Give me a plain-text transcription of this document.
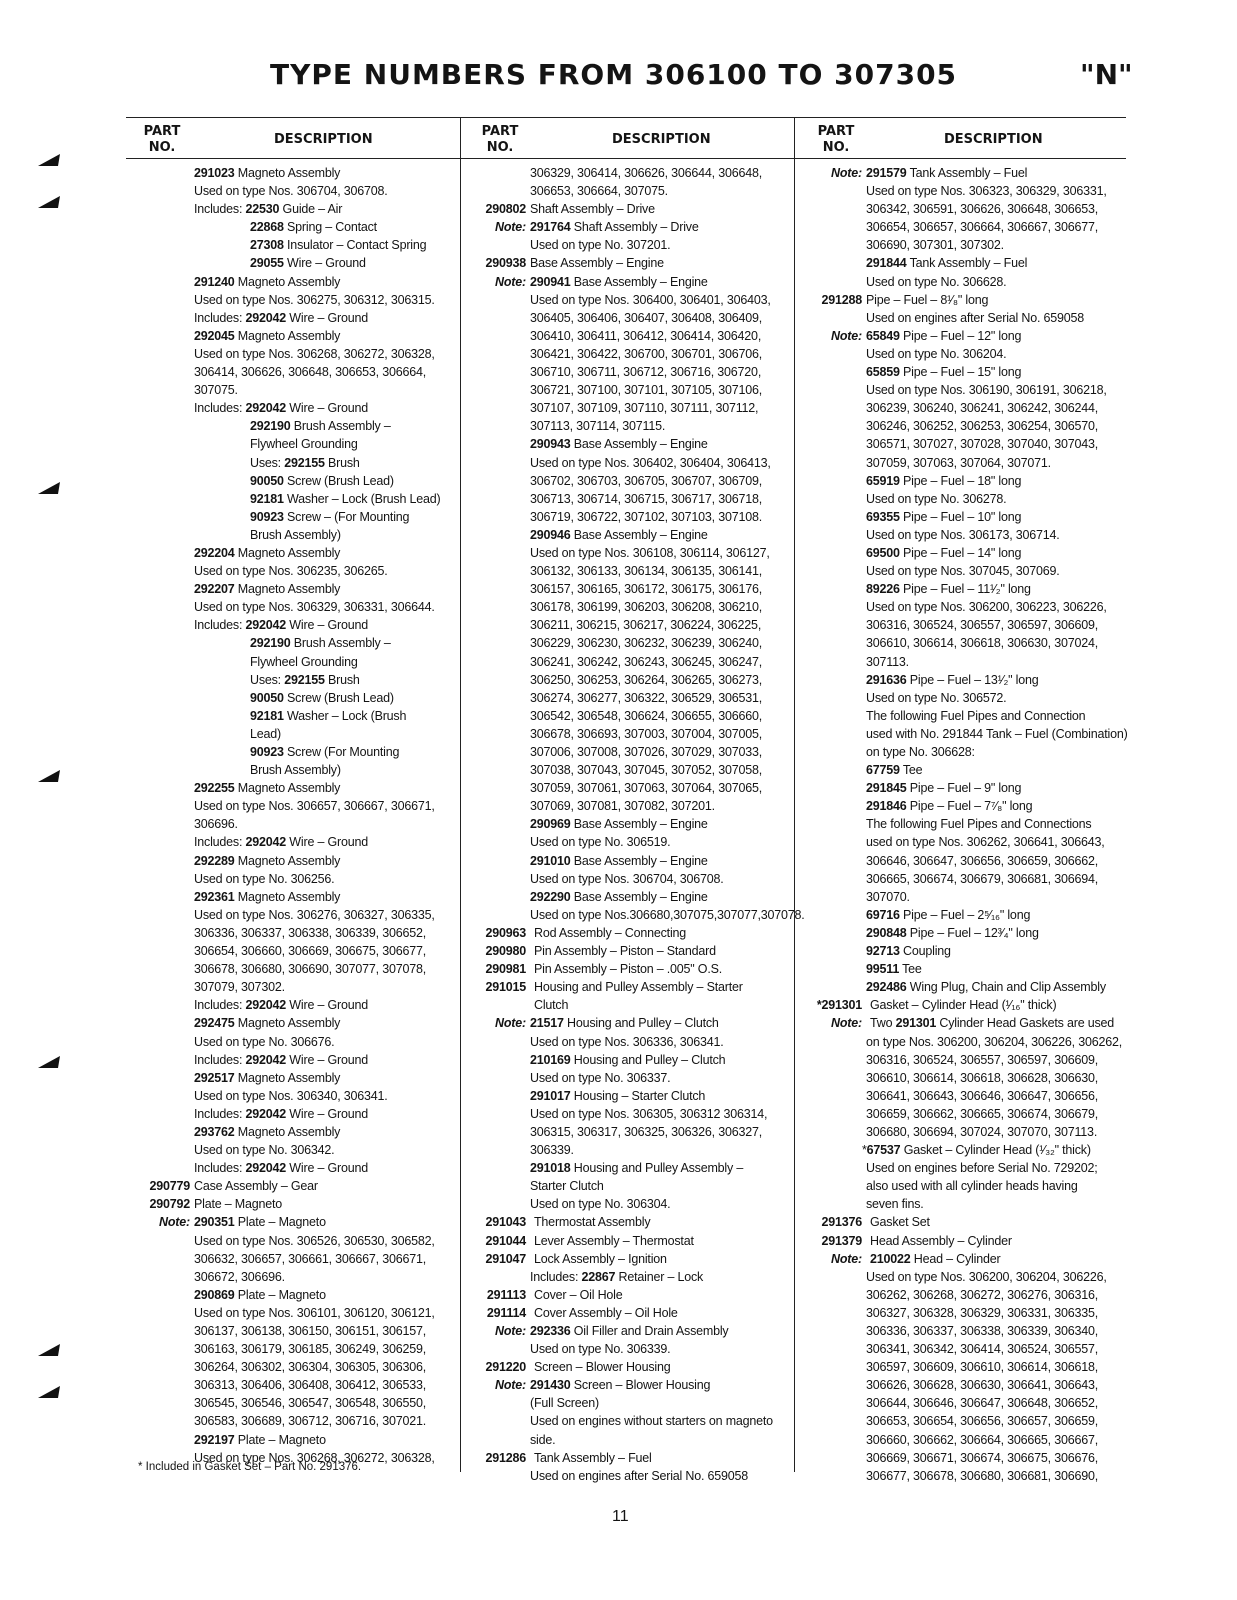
TYPE NUMBERS FROM 306100 TO 307305	"N"
PART NO.
DESCRIPTION
PART NO.
DESCRIPTION
PART NO.
DESCRIPTION
291023 Magneto Assembly
Used on type Nos. 306704, 306708.
Includes: 22530 Guide – Air
22868 Spring – Contact
27308 Insulator – Contact Spring
29055 Wire – Ground
291240 Magneto Assembly
Used on type Nos. 306275, 306312, 306315.
Includes: 292042 Wire – Ground
292045 Magneto Assembly
Used on type Nos. 306268, 306272, 306328,
306414, 306626, 306648, 306653, 306664,
307075.
Includes: 292042 Wire – Ground
292190 Brush Assembly –
Flywheel Grounding
Uses: 292155 Brush
90050 Screw (Brush Lead)
92181 Washer – Lock (Brush Lead)
90923 Screw – (For Mounting
Brush Assembly)
292204 Magneto Assembly
Used on type Nos. 306235, 306265.
292207 Magneto Assembly
Used on type Nos. 306329, 306331, 306644.
Includes: 292042 Wire – Ground
292190 Brush Assembly –
Flywheel Grounding
Uses: 292155 Brush
90050 Screw (Brush Lead)
92181 Washer – Lock (Brush
Lead)
90923 Screw (For Mounting
Brush Assembly)
292255 Magneto Assembly
Used on type Nos. 306657, 306667, 306671,
306696.
Includes: 292042 Wire – Ground
292289 Magneto Assembly
Used on type No. 306256.
292361 Magneto Assembly
Used on type Nos. 306276, 306327, 306335,
306336, 306337, 306338, 306339, 306652,
306654, 306660, 306669, 306675, 306677,
306678, 306680, 306690, 307077, 307078,
307079, 307302.
Includes: 292042 Wire – Ground
292475 Magneto Assembly
Used on type No. 306676.
Includes: 292042 Wire – Ground
292517 Magneto Assembly
Used on type Nos. 306340, 306341.
Includes: 292042 Wire – Ground
293762 Magneto Assembly
Used on type No. 306342.
Includes: 292042 Wire – Ground
290779 Case Assembly – Gear
290792 Plate – Magneto
Note: 290351 Plate – Magneto
Used on type Nos. 306526, 306530, 306582,
306632, 306657, 306661, 306667, 306671,
306672, 306696.
290869 Plate – Magneto
Used on type Nos. 306101, 306120, 306121,
306137, 306138, 306150, 306151, 306157,
306163, 306179, 306185, 306249, 306259,
306264, 306302, 306304, 306305, 306306,
306313, 306406, 306408, 306412, 306533,
306545, 306546, 306547, 306548, 306550,
306583, 306689, 306712, 306716, 307021.
292197 Plate – Magneto
Used on type Nos. 306268, 306272, 306328,
306329, 306414, 306626, 306644, 306648,
306653, 306664, 307075.
290802 Shaft Assembly – Drive
Note: 291764 Shaft Assembly – Drive
Used on type No. 307201.
290938 Base Assembly – Engine
Note: 290941 Base Assembly – Engine
Used on type Nos. 306400, 306401, 306403,
306405, 306406, 306407, 306408, 306409,
306410, 306411, 306412, 306414, 306420,
306421, 306422, 306700, 306701, 306706,
306710, 306711, 306712, 306716, 306720,
306721, 307100, 307101, 307105, 307106,
307107, 307109, 307110, 307111, 307112,
307113, 307114, 307115.
290943 Base Assembly – Engine
Used on type Nos. 306402, 306404, 306413,
306702, 306703, 306705, 306707, 306709,
306713, 306714, 306715, 306717, 306718,
306719, 306722, 307102, 307103, 307108.
290946 Base Assembly – Engine
Used on type Nos. 306108, 306114, 306127,
306132, 306133, 306134, 306135, 306141,
306157, 306165, 306172, 306175, 306176,
306178, 306199, 306203, 306208, 306210,
306211, 306215, 306217, 306224, 306225,
306229, 306230, 306232, 306239, 306240,
306241, 306242, 306243, 306245, 306247,
306250, 306253, 306264, 306265, 306273,
306274, 306277, 306322, 306529, 306531,
306542, 306548, 306624, 306655, 306660,
306678, 306693, 307003, 307004, 307005,
307006, 307008, 307026, 307029, 307033,
307038, 307043, 307045, 307052, 307058,
307059, 307061, 307063, 307064, 307065,
307069, 307081, 307082, 307201.
290969 Base Assembly – Engine
Used on type No. 306519.
291010 Base Assembly – Engine
Used on type Nos. 306704, 306708.
292290 Base Assembly – Engine
Used on type Nos.306680,307075,307077,307078.
290963 Rod Assembly – Connecting
290980 Pin Assembly – Piston – Standard
290981 Pin Assembly – Piston – .005" O.S.
291015 Housing and Pulley Assembly – Starter
Clutch
Note: 21517 Housing and Pulley – Clutch
Used on type Nos. 306336, 306341.
210169 Housing and Pulley – Clutch
Used on type No. 306337.
291017 Housing – Starter Clutch
Used on type Nos. 306305, 306312 306314,
306315, 306317, 306325, 306326, 306327,
306339.
291018 Housing and Pulley Assembly –
Starter Clutch
Used on type No. 306304.
291043 Thermostat Assembly
291044 Lever Assembly – Thermostat
291047 Lock Assembly – Ignition
Includes: 22867 Retainer – Lock
291113 Cover – Oil Hole
291114 Cover Assembly – Oil Hole
Note: 292336 Oil Filler and Drain Assembly
Used on type No. 306339.
291220 Screen – Blower Housing
Note: 291430 Screen – Blower Housing
(Full Screen)
Used on engines without starters on magneto
side.
291286 Tank Assembly – Fuel
Used on engines after Serial No. 659058
Note: 291579 Tank Assembly – Fuel
Used on type Nos. 306323, 306329, 306331,
306342, 306591, 306626, 306648, 306653,
306654, 306657, 306664, 306667, 306677,
306690, 307301, 307302.
291844 Tank Assembly – Fuel
Used on type No. 306628.
291288 Pipe – Fuel – 8¹⁄₈" long
Used on engines after Serial No. 659058
Note: 65849 Pipe – Fuel – 12" long
Used on type No. 306204.
65859 Pipe – Fuel – 15" long
Used on type Nos. 306190, 306191, 306218,
306239, 306240, 306241, 306242, 306244,
306246, 306252, 306253, 306254, 306570,
306571, 307027, 307028, 307040, 307043,
307059, 307063, 307064, 307071.
65919 Pipe – Fuel – 18" long
Used on type No. 306278.
69355 Pipe – Fuel – 10" long
Used on type Nos. 306173, 306714.
69500 Pipe – Fuel – 14" long
Used on type Nos. 307045, 307069.
89226 Pipe – Fuel – 11¹⁄₂" long
Used on type Nos. 306200, 306223, 306226,
306316, 306524, 306557, 306597, 306609,
306610, 306614, 306618, 306630, 307024,
307113.
291636 Pipe – Fuel – 13¹⁄₂" long
Used on type No. 306572.
The following Fuel Pipes and Connection
used with No. 291844 Tank – Fuel (Combination)
on type No. 306628:
67759 Tee
291845 Pipe – Fuel – 9" long
291846 Pipe – Fuel – 7⁷⁄₈" long
The following Fuel Pipes and Connections
used on type Nos. 306262, 306641, 306643,
306646, 306647, 306656, 306659, 306662,
306665, 306674, 306679, 306681, 306694,
307070.
69716 Pipe – Fuel – 2⁵⁄₁₆" long
290848 Pipe – Fuel – 12³⁄₄" long
92713 Coupling
99511 Tee
292486 Wing Plug, Chain and Clip Assembly
*291301 Gasket – Cylinder Head (¹⁄₁₆" thick)
Note: Two 291301 Cylinder Head Gaskets are used
on type Nos. 306200, 306204, 306226, 306262,
306316, 306524, 306557, 306597, 306609,
306610, 306614, 306618, 306628, 306630,
306641, 306643, 306646, 306647, 306656,
306659, 306662, 306665, 306674, 306679,
306680, 306694, 307024, 307070, 307113.
*67537 Gasket – Cylinder Head (¹⁄₃₂" thick)
Used on engines before Serial No. 729202;
also used with all cylinder heads having
seven fins.
291376 Gasket Set
291379 Head Assembly – Cylinder
Note: 210022 Head – Cylinder
Used on type Nos. 306200, 306204, 306226,
306262, 306268, 306272, 306276, 306316,
306327, 306328, 306329, 306331, 306335,
306336, 306337, 306338, 306339, 306340,
306341, 306342, 306414, 306524, 306557,
306597, 306609, 306610, 306614, 306618,
306626, 306628, 306630, 306641, 306643,
306644, 306646, 306647, 306648, 306652,
306653, 306654, 306656, 306657, 306659,
306660, 306662, 306664, 306665, 306667,
306669, 306671, 306674, 306675, 306676,
306677, 306678, 306680, 306681, 306690,
* Included in Gasket Set – Part No. 291376.
11
